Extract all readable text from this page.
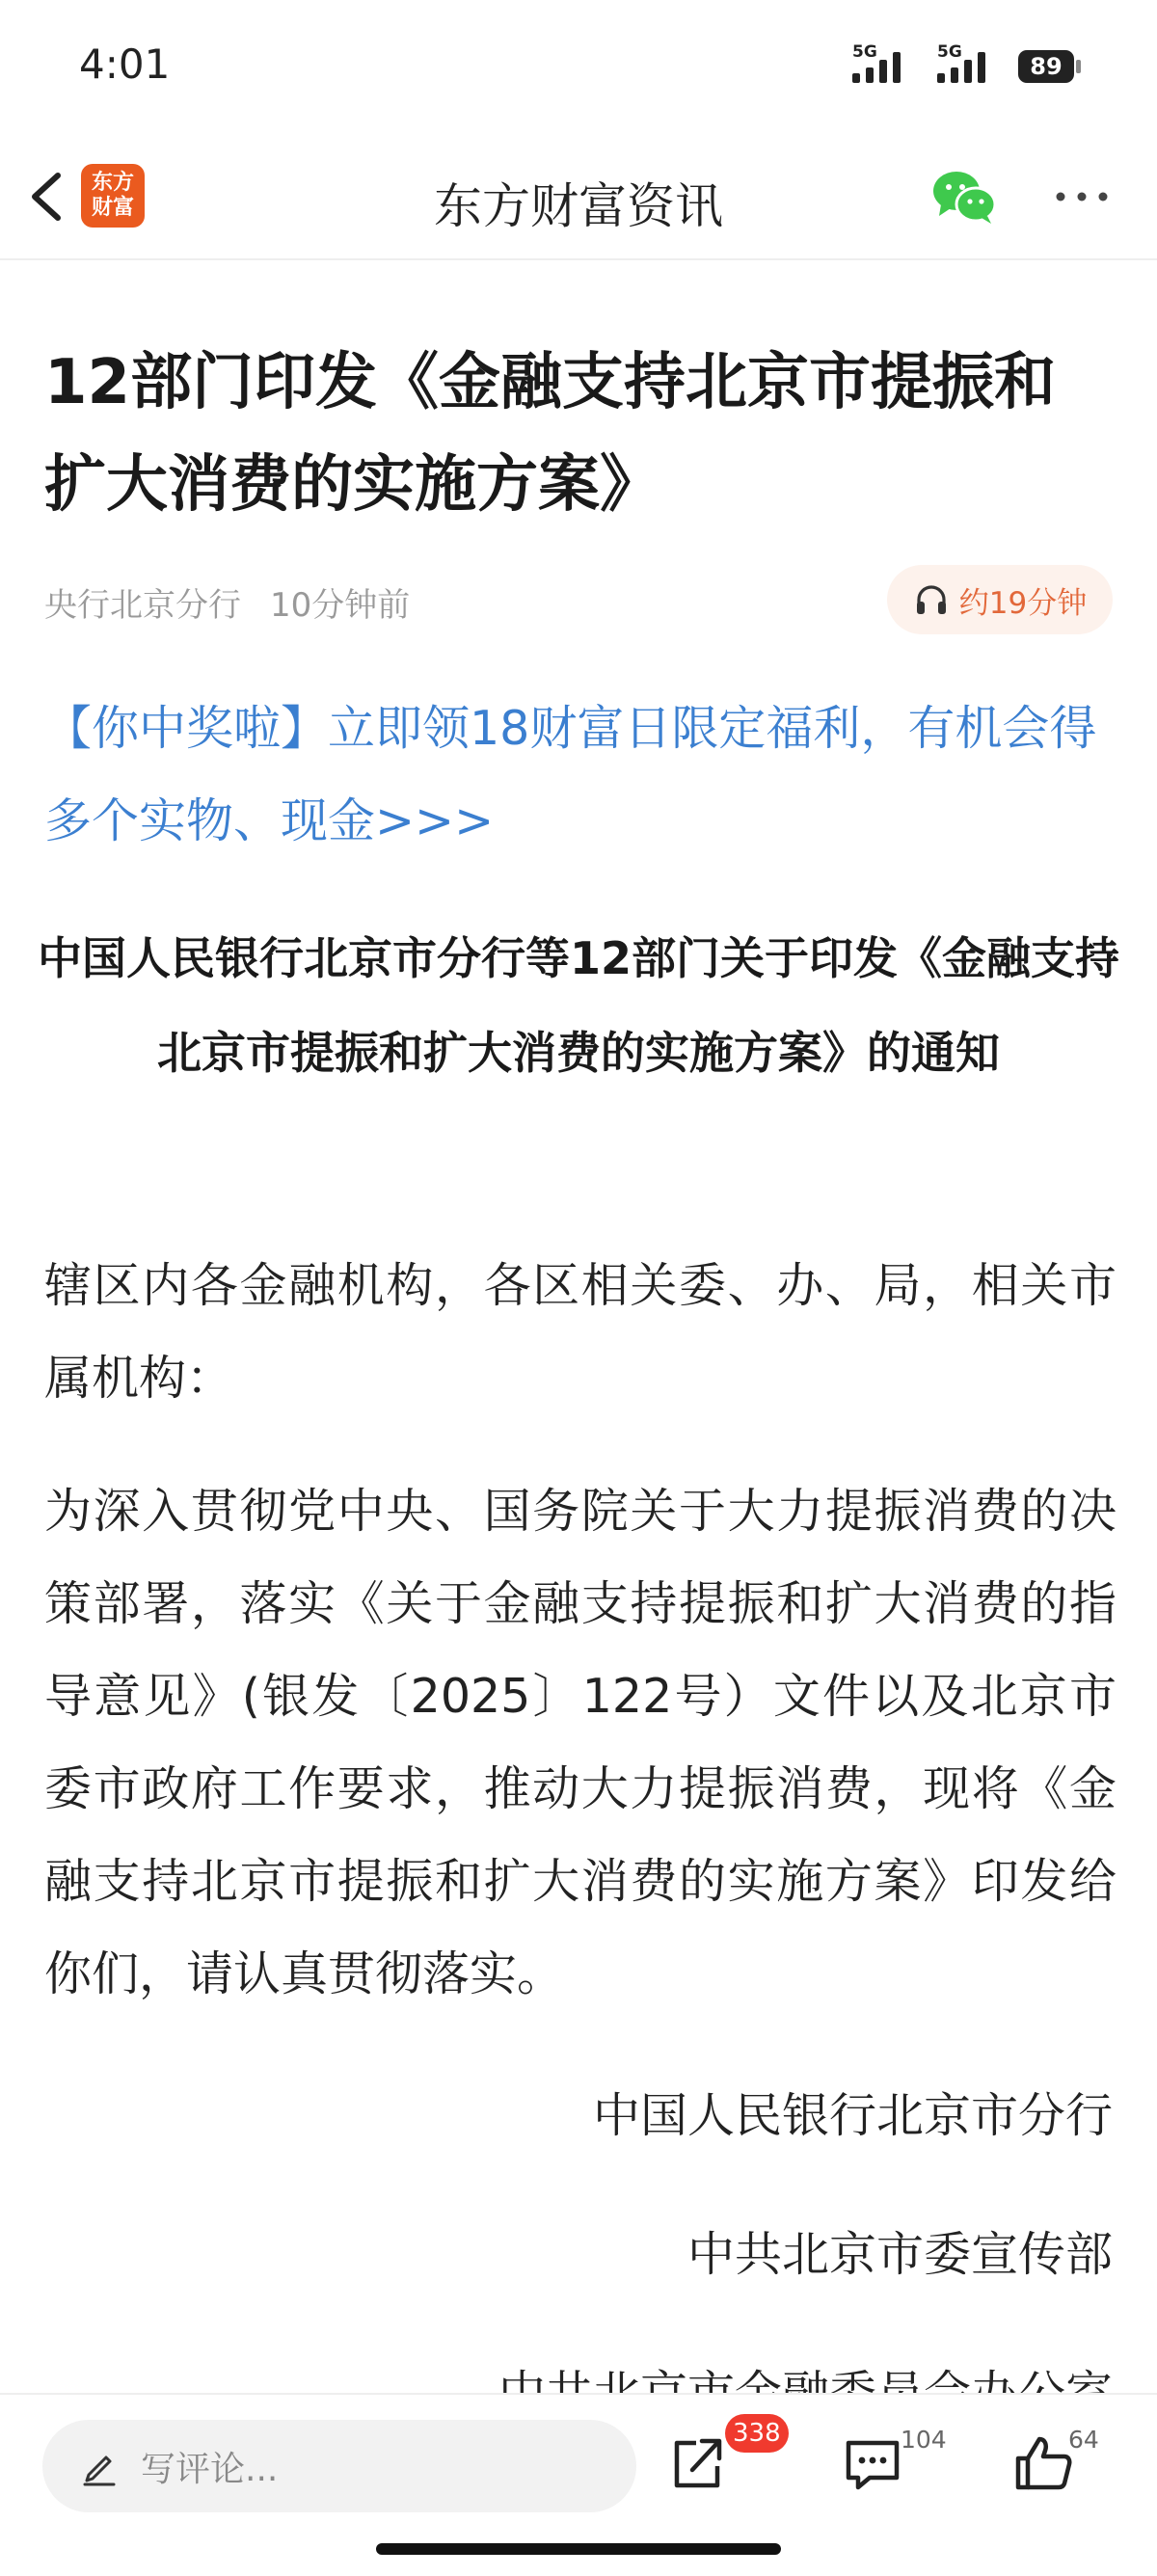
4:01	5G	5G
89
东方财富资讯
东方
财富
12部门印发《金融支持北京市提振和扩大消费的实施方案》
央行北京分行 10分钟前	约19分钟

【你中奖啦】立即领18财富日限定福利，有机会得多个实物、现金>>>

中国人民银行北京市分行等12部门关于印发《金融支持北京市提振和扩大消费的实施方案》的通知

辖区内各金融机构，各区相关委、办、局，相关市属机构：

为深入贯彻党中央、国务院关于大力提振消费的决策部署，落实《关于金融支持提振和扩大消费的指导意见》(银发〔2025〕122号）文件以及北京市委市政府工作要求，推动大力提振消费，现将《金融支持北京市提振和扩大消费的实施方案》印发给你们，请认真贯彻落实。

中国人民银行北京市分行
中共北京市委宣传部
写评论...
338	104	64
